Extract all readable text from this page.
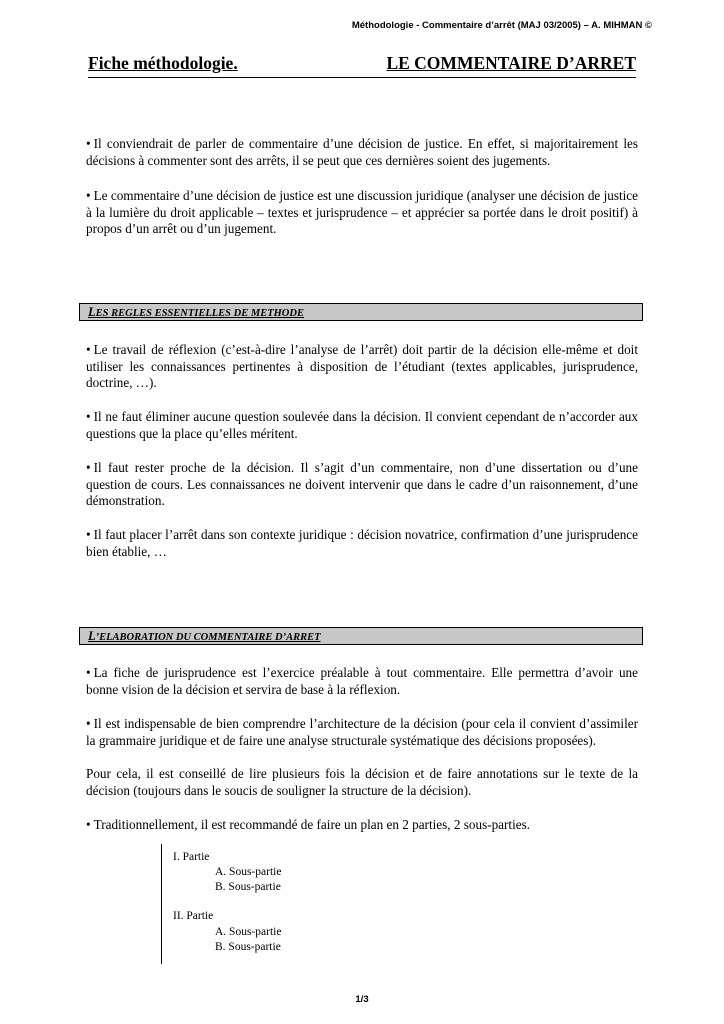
Méthodologie - Commentaire d’arrêt (MAJ 03/2005) – A. MIHMAN ©
Fiche méthodologie.	LE COMMENTAIRE D’ARRET
• Il conviendrait de parler de commentaire d’une décision de justice. En effet, si majoritairement les décisions à commenter sont des arrêts, il se peut que ces dernières soient des jugements.
• Le commentaire d’une décision de justice est une discussion juridique (analyser une décision de justice à la lumière du droit applicable – textes et jurisprudence – et apprécier sa portée dans le droit positif) à propos d’un arrêt ou d’un jugement.
LES REGLES ESSENTIELLES DE METHODE
• Le travail de réflexion (c’est-à-dire l’analyse de l’arrêt) doit partir de la décision elle-même et doit utiliser les connaissances pertinentes à disposition de l’étudiant (textes applicables, jurisprudence, doctrine, …).
• Il ne faut éliminer aucune question soulevée dans la décision. Il convient cependant de n’accorder aux questions que la place qu’elles méritent.
• Il faut rester proche de la décision. Il s’agit d’un commentaire, non d’une dissertation ou d’une question de cours. Les connaissances ne doivent intervenir que dans le cadre d’un raisonnement, d’une démonstration.
• Il faut placer l’arrêt dans son contexte juridique : décision novatrice, confirmation d’une jurisprudence bien établie, …
L’ELABORATION DU COMMENTAIRE D’ARRET
• La fiche de jurisprudence est l’exercice préalable à tout commentaire. Elle permettra d’avoir une bonne vision de la décision et servira de base à la réflexion.
• Il est indispensable de bien comprendre l’architecture de la décision (pour cela il convient d’assimiler la grammaire juridique et de faire une analyse structurale systématique des décisions proposées).
Pour cela, il est conseillé de lire plusieurs fois la décision et de faire annotations sur le texte de la décision (toujours dans le soucis de souligner la structure de la décision).
• Traditionnellement, il est recommandé de faire un plan en 2 parties, 2 sous-parties.
I. Partie
A. Sous-partie
B. Sous-partie
II. Partie
A. Sous-partie
B. Sous-partie
1/3
